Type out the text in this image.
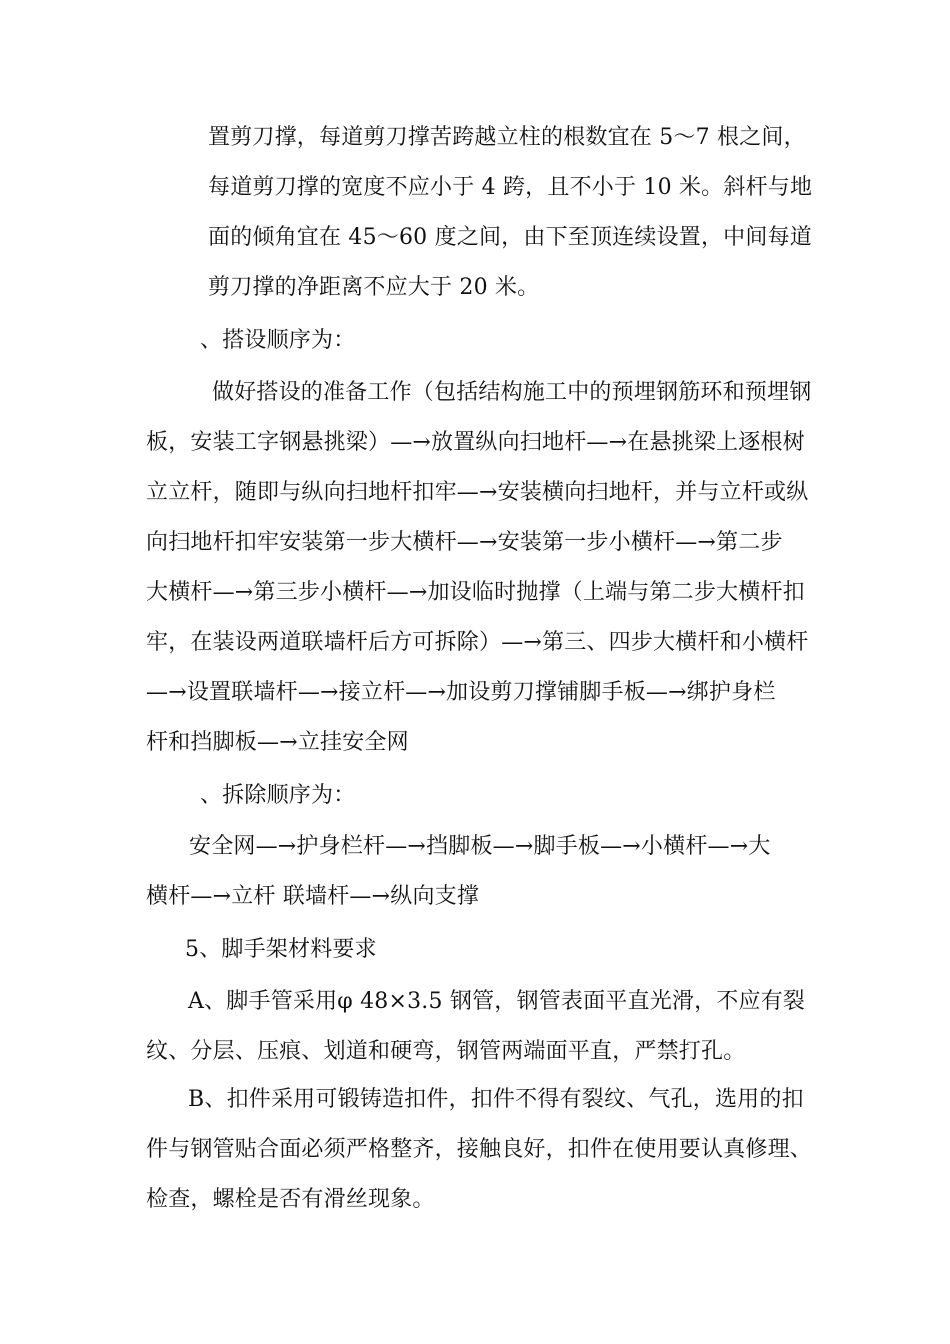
置剪刀撑，每道剪刀撑苦跨越立柱的根数宜在 5～7 根之间，
每道剪刀撑的宽度不应小于 4 跨，且不小于 10 米。斜杆与地
面的倾角宜在 45～60 度之间，由下至顶连续设置，中间每道
剪刀撑的净距离不应大于 20 米。
、搭设顺序为：
做好搭设的准备工作（包括结构施工中的预埋钢筋环和预埋钢
板，安装工字钢悬挑梁）—→放置纵向扫地杆—→在悬挑梁上逐根树
立立杆，随即与纵向扫地杆扣牢—→安装横向扫地杆，并与立杆或纵
向扫地杆扣牢安装第一步大横杆—→安装第一步小横杆—→第二步
大横杆—→第三步小横杆—→加设临时抛撑（上端与第二步大横杆扣
牢，在装设两道联墙杆后方可拆除）—→第三、四步大横杆和小横杆
—→设置联墙杆—→接立杆—→加设剪刀撑铺脚手板—→绑护身栏
杆和挡脚板—→立挂安全网
、拆除顺序为：
安全网—→护身栏杆—→挡脚板—→脚手板—→小横杆—→大
横杆—→立杆 联墙杆—→纵向支撑
5、脚手架材料要求
A、脚手管采用φ 48×3.5 钢管，钢管表面平直光滑，不应有裂
纹、分层、压痕、划道和硬弯，钢管两端面平直，严禁打孔。
B、扣件采用可锻铸造扣件，扣件不得有裂纹、气孔，选用的扣
件与钢管贴合面必须严格整齐，接触良好，扣件在使用要认真修理、
检查，螺栓是否有滑丝现象。
